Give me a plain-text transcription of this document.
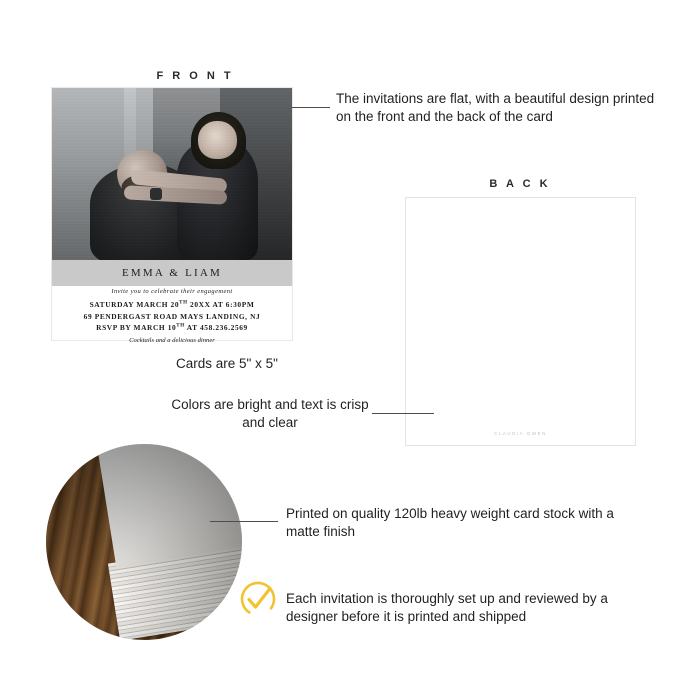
F R O N T
EMMA & LIAM
Invite you to celebrate their engagement
SATURDAY MARCH 20TH 20XX AT 6:30PM
69 PENDERGAST ROAD MAYS LANDING, NJ
RSVP BY MARCH 10TH AT 458.236.2569
Cocktails and a delicious dinner
B A C K
CLAUDIA OWEN
The invitations are flat, with a beautiful design printed on the front and the back of the card
Cards are 5" x 5"
Colors are bright and text is crisp and clear
Printed on quality 120lb heavy weight card stock with a matte finish
Each invitation is thoroughly set up and reviewed by a designer before it is printed and shipped
